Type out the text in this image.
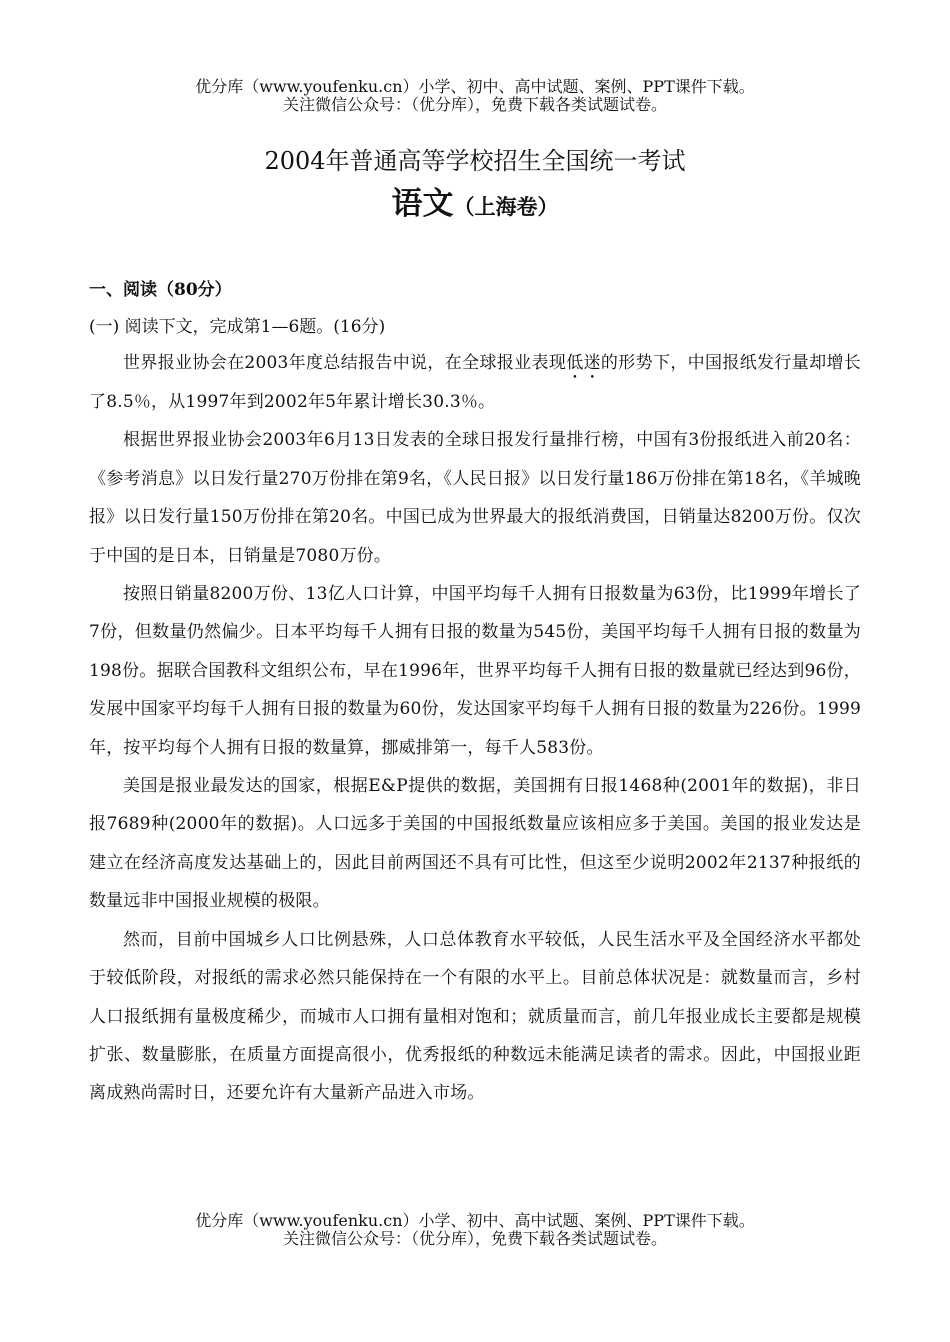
优分库（www.youfenku.cn）小学、初中、高中试题、案例、PPT课件下载。
关注微信公众号：（优分库），免费下载各类试题试卷。
2004年普通高等学校招生全国统一考试
语文（上海卷）
一、阅读（80分）
(一) 阅读下文，完成第1—6题。(16分)

世界报业协会在2003年度总结报告中说，在全球报业表现低迷的形势下，中国报纸发行量却增长了8.5％，从1997年到2002年5年累计增长30.3％。

根据世界报业协会2003年6月13日发表的全球日报发行量排行榜，中国有3份报纸进入前20名：《参考消息》以日发行量270万份排在第9名，《人民日报》以日发行量186万份排在第18名，《羊城晚报》以日发行量150万份排在第20名。中国已成为世界最大的报纸消费国，日销量达8200万份。仅次于中国的是日本，日销量是7080万份。

按照日销量8200万份、13亿人口计算，中国平均每千人拥有日报数量为63份，比1999年增长了7份，但数量仍然偏少。日本平均每千人拥有日报的数量为545份，美国平均每千人拥有日报的数量为198份。据联合国教科文组织公布，早在1996年，世界平均每千人拥有日报的数量就已经达到96份，发展中国家平均每千人拥有日报的数量为60份，发达国家平均每千人拥有日报的数量为226份。1999年，按平均每个人拥有日报的数量算，挪威排第一，每千人583份。

美国是报业最发达的国家，根据E&P提供的数据，美国拥有日报1468种(2001年的数据)，非日报7689种(2000年的数据)。人口远多于美国的中国报纸数量应该相应多于美国。美国的报业发达是建立在经济高度发达基础上的，因此目前两国还不具有可比性，但这至少说明2002年2137种报纸的数量远非中国报业规模的极限。

然而，目前中国城乡人口比例悬殊，人口总体教育水平较低，人民生活水平及全国经济水平都处于较低阶段，对报纸的需求必然只能保持在一个有限的水平上。目前总体状况是：就数量而言，乡村人口报纸拥有量极度稀少，而城市人口拥有量相对饱和；就质量而言，前几年报业成长主要都是规模扩张、数量膨胀，在质量方面提高很小，优秀报纸的种数远未能满足读者的需求。因此，中国报业距离成熟尚需时日，还要允许有大量新产品进入市场。

优分库（www.youfenku.cn）小学、初中、高中试题、案例、PPT课件下载。
关注微信公众号：（优分库），免费下载各类试题试卷。
